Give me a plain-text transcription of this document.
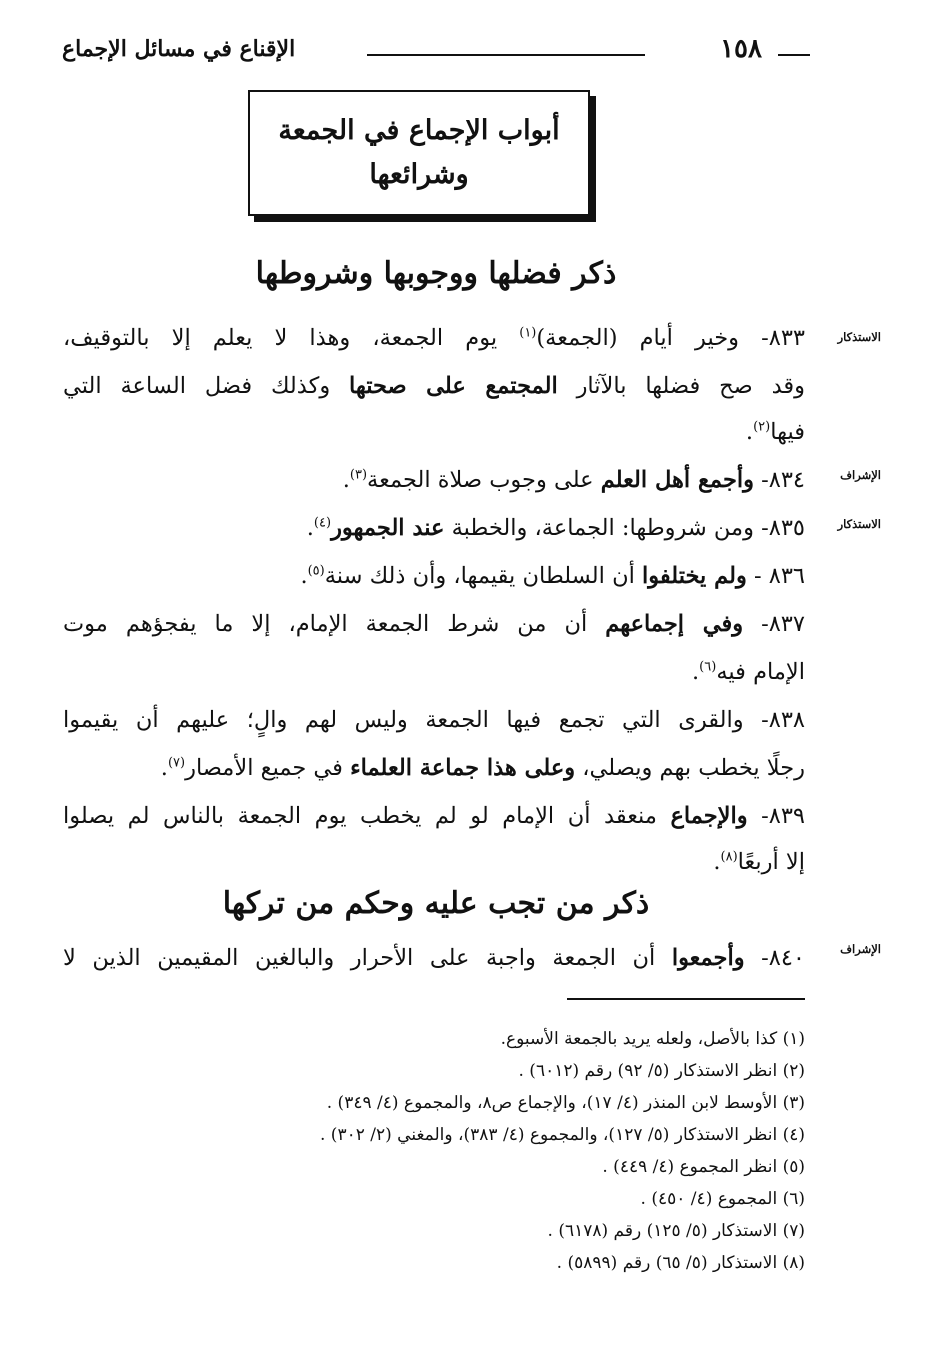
١٥٨
الإقناع في مسائل الإجماع
أبواب الإجماع في الجمعة
وشرائعها
ذكر فضلها ووجوبها وشروطها
الاستذكار
الإشراف
الاستذكار
الإشراف
٨٣٣- وخير أيام (الجمعة)$^{(١)}$ يوم الجمعة، وهذا لا يعلم إلا بالتوقيف،
وقد صح فضلها بالآثار المجتمع على صحتها وكذلك فضل الساعة التي
فيها$^{(٢)}$.
٨٣٤- وأجمع أهل العلم على وجوب صلاة الجمعة$^{(٣)}$.
٨٣٥- ومن شروطها: الجماعة، والخطبة عند الجمهور$^{(٤)}$.
٨٣٦ - ولم يختلفوا أن السلطان يقيمها، وأن ذلك سنة$^{(٥)}$.
٨٣٧- وفي إجماعهم أن من شرط الجمعة الإمام، إلا ما يفجؤهم موت
الإمام فيه$^{(٦)}$.
٨٣٨- والقرى التي تجمع فيها الجمعة وليس لهم والٍ؛ عليهم أن يقيموا
رجلًا يخطب بهم ويصلي، وعلى هذا جماعة العلماء في جميع الأمصار$^{(٧)}$.
٨٣٩- والإجماع منعقد أن الإمام لو لم يخطب يوم الجمعة بالناس لم يصلوا
إلا أربعًا$^{(٨)}$.
ذكر من تجب عليه وحكم من تركها
٨٤٠- وأجمعوا أن الجمعة واجبة على الأحرار والبالغين المقيمين الذين لا
(١) كذا بالأصل، ولعله يريد بالجمعة الأسبوع.
(٢) انظر الاستذكار (٥/ ٩٢) رقم (٦٠١٢) .
(٣) الأوسط لابن المنذر (٤/ ١٧)، والإجماع ص٨، والمجموع (٤/ ٣٤٩) .
(٤) انظر الاستذكار (٥/ ١٢٧)، والمجموع (٤/ ٣٨٣)، والمغني (٢/ ٣٠٢) .
(٥) انظر المجموع (٤/ ٤٤٩) .
(٦) المجموع (٤/ ٤٥٠) .
(٧) الاستذكار (٥/ ١٢٥) رقم (٦١٧٨) .
(٨) الاستذكار (٥/ ٦٥) رقم (٥٨٩٩) .
